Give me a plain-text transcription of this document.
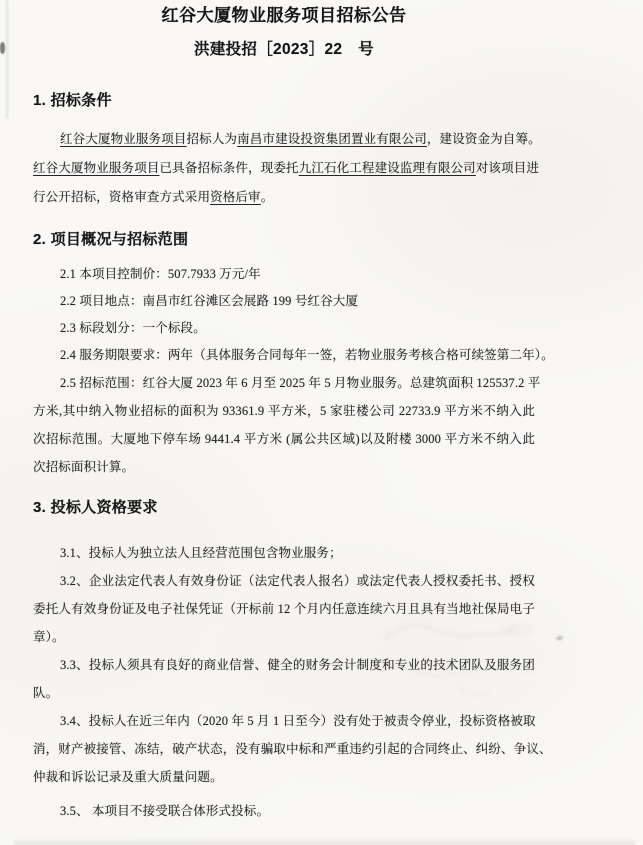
红谷大厦物业服务项目招标公告
洪建投招［2023］22　号
1. 招标条件
红谷大厦物业服务项目招标人为南昌市建设投资集团置业有限公司，建设资金为自筹。
红谷大厦物业服务项目已具备招标条件，现委托九江石化工程建设监理有限公司对该项目进
行公开招标，资格审查方式采用资格后审。
2. 项目概况与招标范围
2.1 本项目控制价：507.7933 万元/年
2.2 项目地点：南昌市红谷滩区会展路 199 号红谷大厦
2.3 标段划分：一个标段。
2.4 服务期限要求：两年（具体服务合同每年一签，若物业服务考核合格可续签第二年）。
2.5 招标范围：红谷大厦 2023 年 6 月至 2025 年 5 月物业服务。总建筑面积 125537.2 平
方米,其中纳入物业招标的面积为 93361.9 平方米，5 家驻楼公司 22733.9 平方米不纳入此
次招标范围。大厦地下停车场 9441.4 平方米 (属公共区域)以及附楼 3000 平方米不纳入此
次招标面积计算。
3. 投标人资格要求
3.1、投标人为独立法人且经营范围包含物业服务；
3.2、企业法定代表人有效身份证（法定代表人报名）或法定代表人授权委托书、授权
委托人有效身份证及电子社保凭证（开标前 12 个月内任意连续六月且具有当地社保局电子
章）。
3.3、投标人须具有良好的商业信誉、健全的财务会计制度和专业的技术团队及服务团
队。
3.4、投标人在近三年内（2020 年 5 月 1 日至今）没有处于被责令停业，投标资格被取
消，财产被接管、冻结，破产状态，没有骗取中标和严重违约引起的合同终止、纠纷、争议、
仲裁和诉讼记录及重大质量问题。
3.5、 本项目不接受联合体形式投标。
